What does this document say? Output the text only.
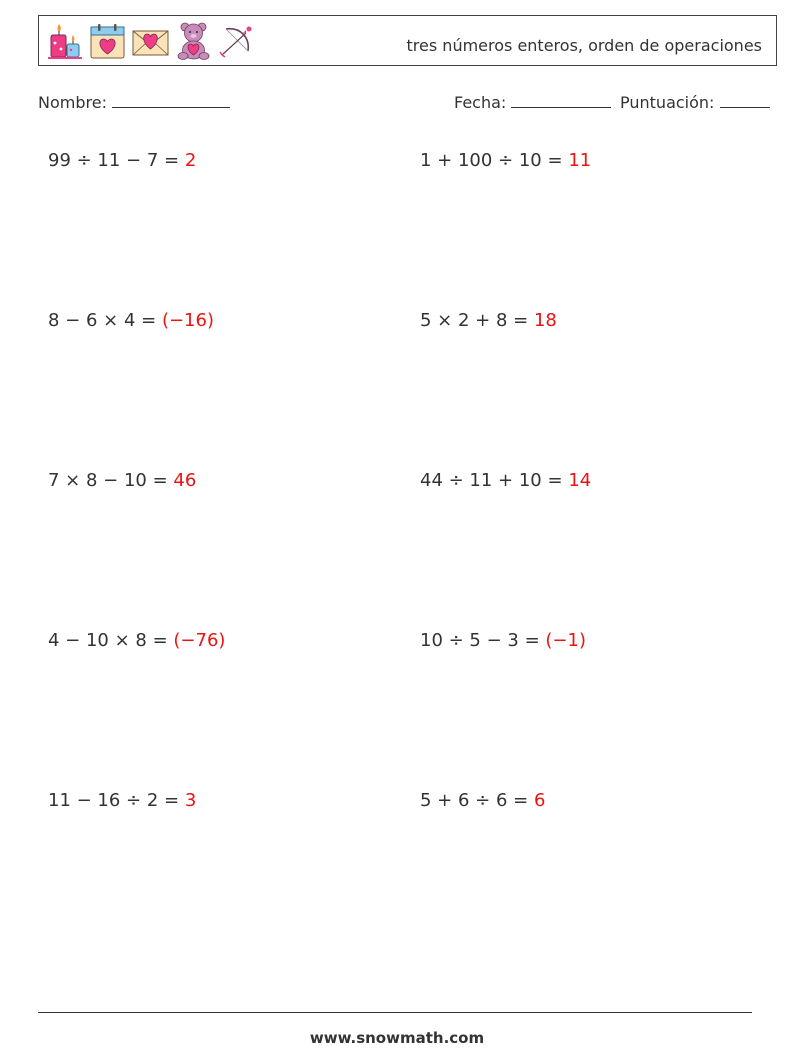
tres números enteros, orden de operaciones
Nombre:	Fecha:	Puntuación:
99 ÷ 11 − 7 = 2	1 + 100 ÷ 10 = 11
8 − 6 × 4 = (−16)	5 × 2 + 8 = 18
7 × 8 − 10 = 46	44 ÷ 11 + 10 = 14
4 − 10 × 8 = (−76)	10 ÷ 5 − 3 = (−1)
11 − 16 ÷ 2 = 3	5 + 6 ÷ 6 = 6
www.snowmath.com
